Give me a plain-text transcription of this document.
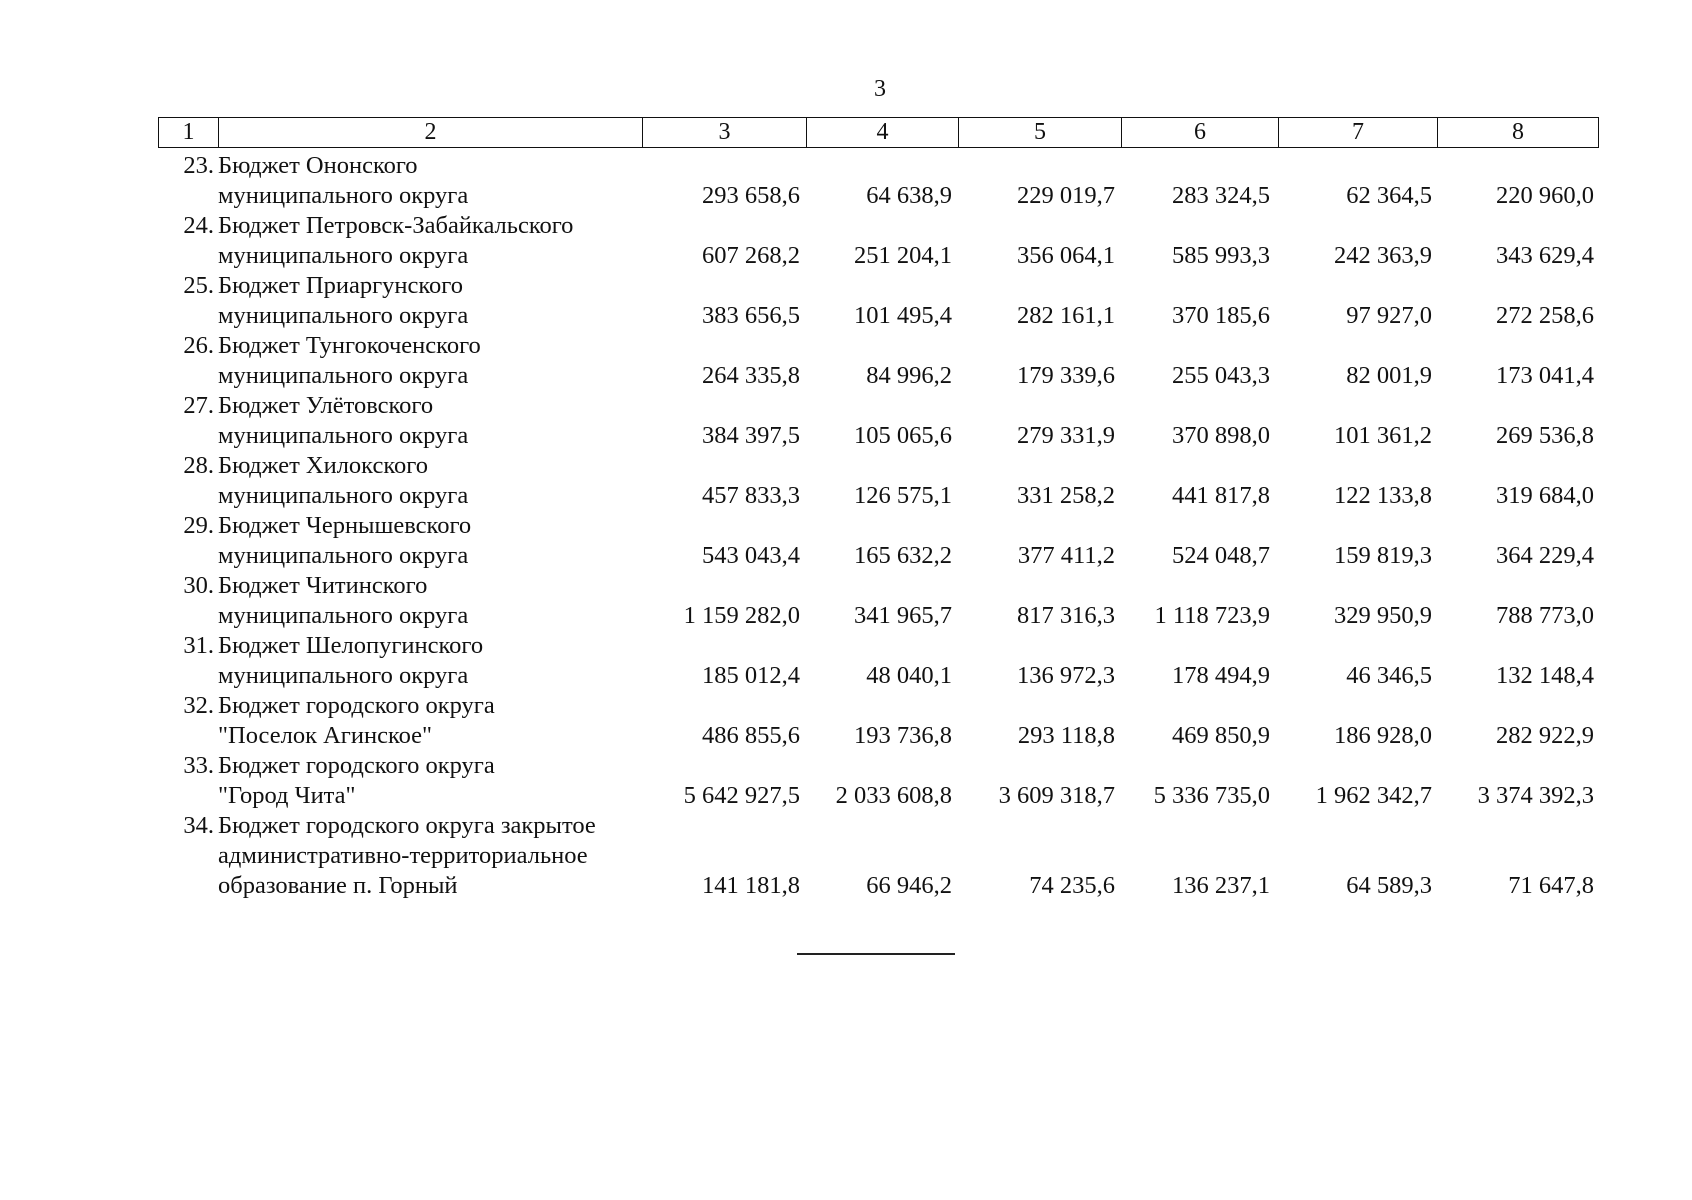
3
1	2	3	4	5	6	7	8
23. Бюджет Ононского
муниципального округа	293 658,6	64 638,9	229 019,7	283 324,5	62 364,5	220 960,0
24. Бюджет Петровск-Забайкальского
муниципального округа	607 268,2	251 204,1	356 064,1	585 993,3	242 363,9	343 629,4
25. Бюджет Приаргунского
муниципального округа	383 656,5	101 495,4	282 161,1	370 185,6	97 927,0	272 258,6
26. Бюджет Тунгокоченского
муниципального округа	264 335,8	84 996,2	179 339,6	255 043,3	82 001,9	173 041,4
27. Бюджет Улётовского
муниципального округа	384 397,5	105 065,6	279 331,9	370 898,0	101 361,2	269 536,8
28. Бюджет Хилокского
муниципального округа	457 833,3	126 575,1	331 258,2	441 817,8	122 133,8	319 684,0
29. Бюджет Чернышевского
муниципального округа	543 043,4	165 632,2	377 411,2	524 048,7	159 819,3	364 229,4
30. Бюджет Читинского
муниципального округа	1 159 282,0	341 965,7	817 316,3	1 118 723,9	329 950,9	788 773,0
31. Бюджет Шелопугинского
муниципального округа	185 012,4	48 040,1	136 972,3	178 494,9	46 346,5	132 148,4
32. Бюджет городского округа
"Поселок Агинское"	486 855,6	193 736,8	293 118,8	469 850,9	186 928,0	282 922,9
33. Бюджет городского округа
"Город Чита"	5 642 927,5	2 033 608,8	3 609 318,7	5 336 735,0	1 962 342,7	3 374 392,3
34. Бюджет городского округа закрытое
административно-территориальное
образование п. Горный	141 181,8	66 946,2	74 235,6	136 237,1	64 589,3	71 647,8
